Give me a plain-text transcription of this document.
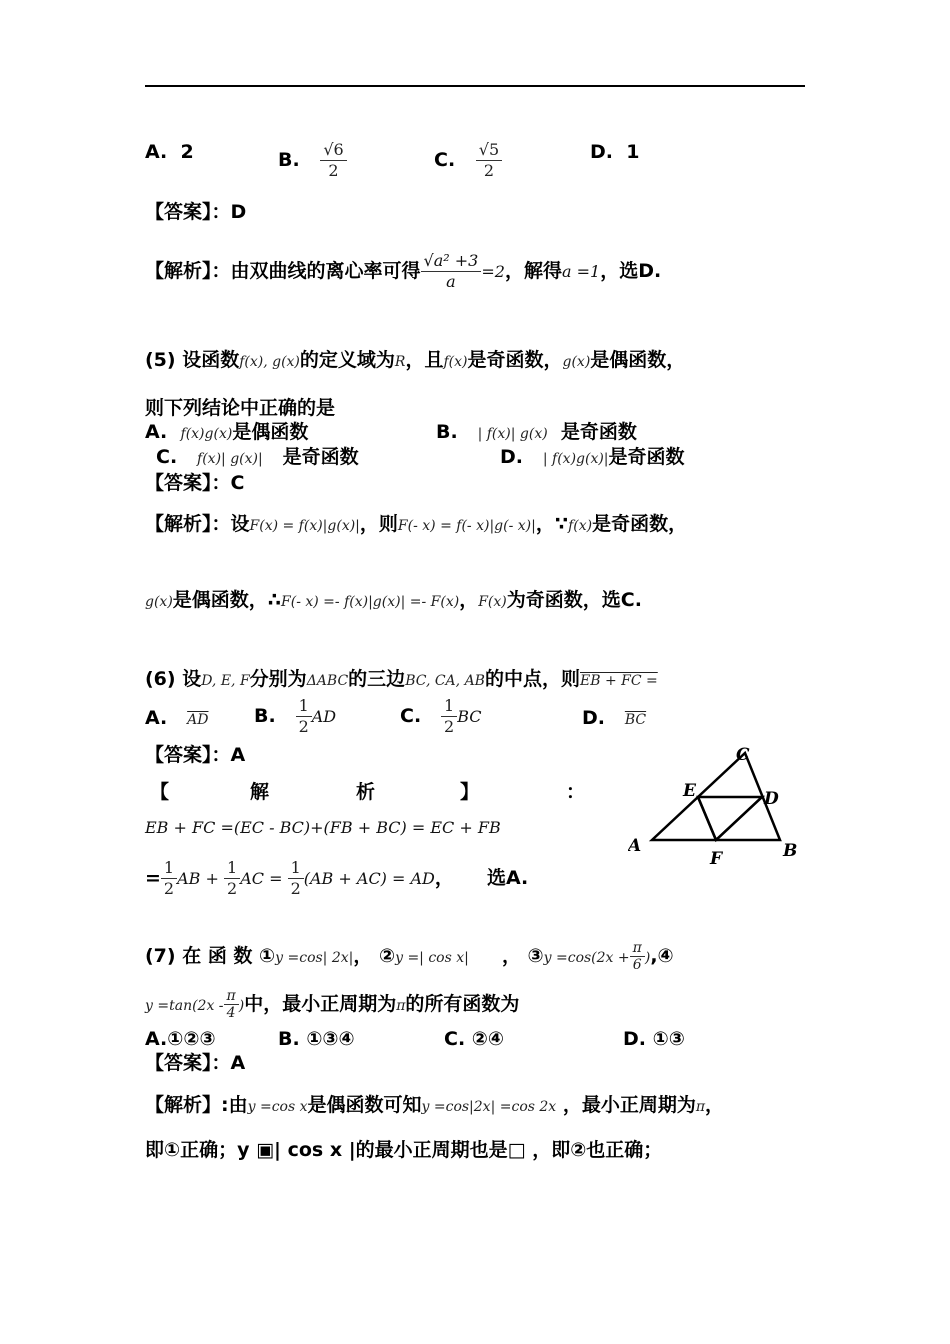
A. 2	B. $\frac{√6}{2}$	C. $\frac{√5}{2}$	D. 1
【答案】：D
【解析】：由双曲线的离心率可得 $\frac{\text{√a² +3}}{a} =2$，解得a =1，选D.
(5) 设函数f(x), g(x)的定义域为R，且f(x)是奇函数，g(x)是偶函数，
则下列结论中正确的是
A. f(x)g(x)是偶函数	B. | f(x)| g(x) 是奇函数
C. f(x)| g(x)| 是奇函数	D. | f(x)g(x)|是奇函数
【答案】：C
【解析】：设F(x) = f(x)|g(x)|，则F(- x) = f(- x)|g(- x)|，∵f(x)是奇函数，
g(x)是偶函数，∴F(- x) =- f(x)|g(x)| =- F(x)，F(x)为奇函数，选C.
(6) 设D, E, F分别为ΔABC的三边BC, CA, AB的中点，则EB + FC =
A. $\overline{AD}$ B. $\frac{1}{2}$ AD	C. $\frac{1}{2}$ BC	D. $\overline{BC}$
【答案】：A
【	解	析	】	：
EB + FC =(EC - BC)+(FB + BC) = EC + FB
= $\frac{1}{2}$ AB + $\frac{1}{2}$ AC = $\frac{1}{2} (AB + AC)$ = AD， 选A.
C
E	D
A	B
F
(7) 在 函 数 ①y =cos| 2x|， ②y =| cos x| ， ③y $=\cos(2x + \frac{\pi}{6}$ ),④
$y =\tan(2x - \frac{\pi}{4}$ )中，最小正周期为π的所有函数为
A.①②③	B. ①③④	C. ②④	D. ①③
【答案】：A
【解析】:由y =cos x是偶函数可知y =cos|2x| =cos 2x ，最小正周期为π，
即①正确；y ▣| cos x |的最小正周期也是□ ，即②也正确；
